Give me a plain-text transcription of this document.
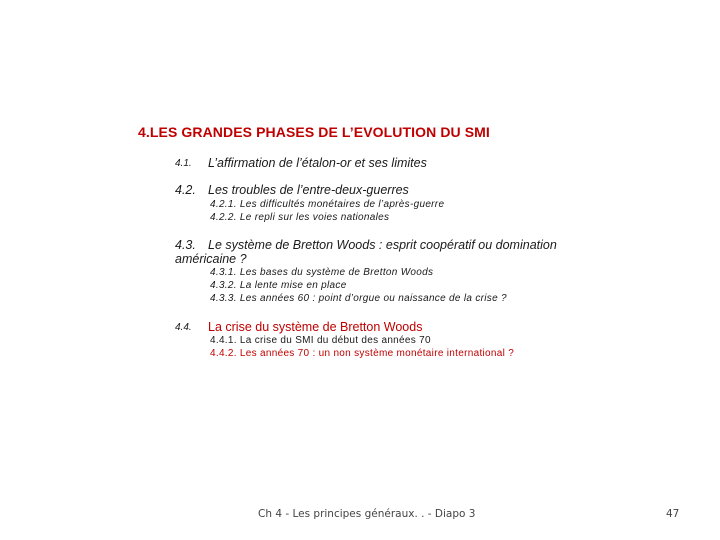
4.LES GRANDES PHASES DE L’EVOLUTION DU SMI
4.1. L’affirmation de l’étalon-or et ses limites
4.2. Les troubles de l’entre-deux-guerres
4.2.1. Les difficultés monétaires de l’après-guerre
4.2.2. Le repli sur les voies nationales
4.3. Le système de Bretton Woods : esprit coopératif ou domination
américaine ?
4.3.1. Les bases du système de Bretton Woods
4.3.2. La lente mise en place
4.3.3. Les années 60 : point d’orgue ou naissance de la crise ?
4.4. La crise du système de Bretton Woods
4.4.1. La crise du SMI du début des années 70
4.4.2. Les années 70 : un non système monétaire international ?
Ch 4 - Les principes généraux. . - Diapo 3	47
